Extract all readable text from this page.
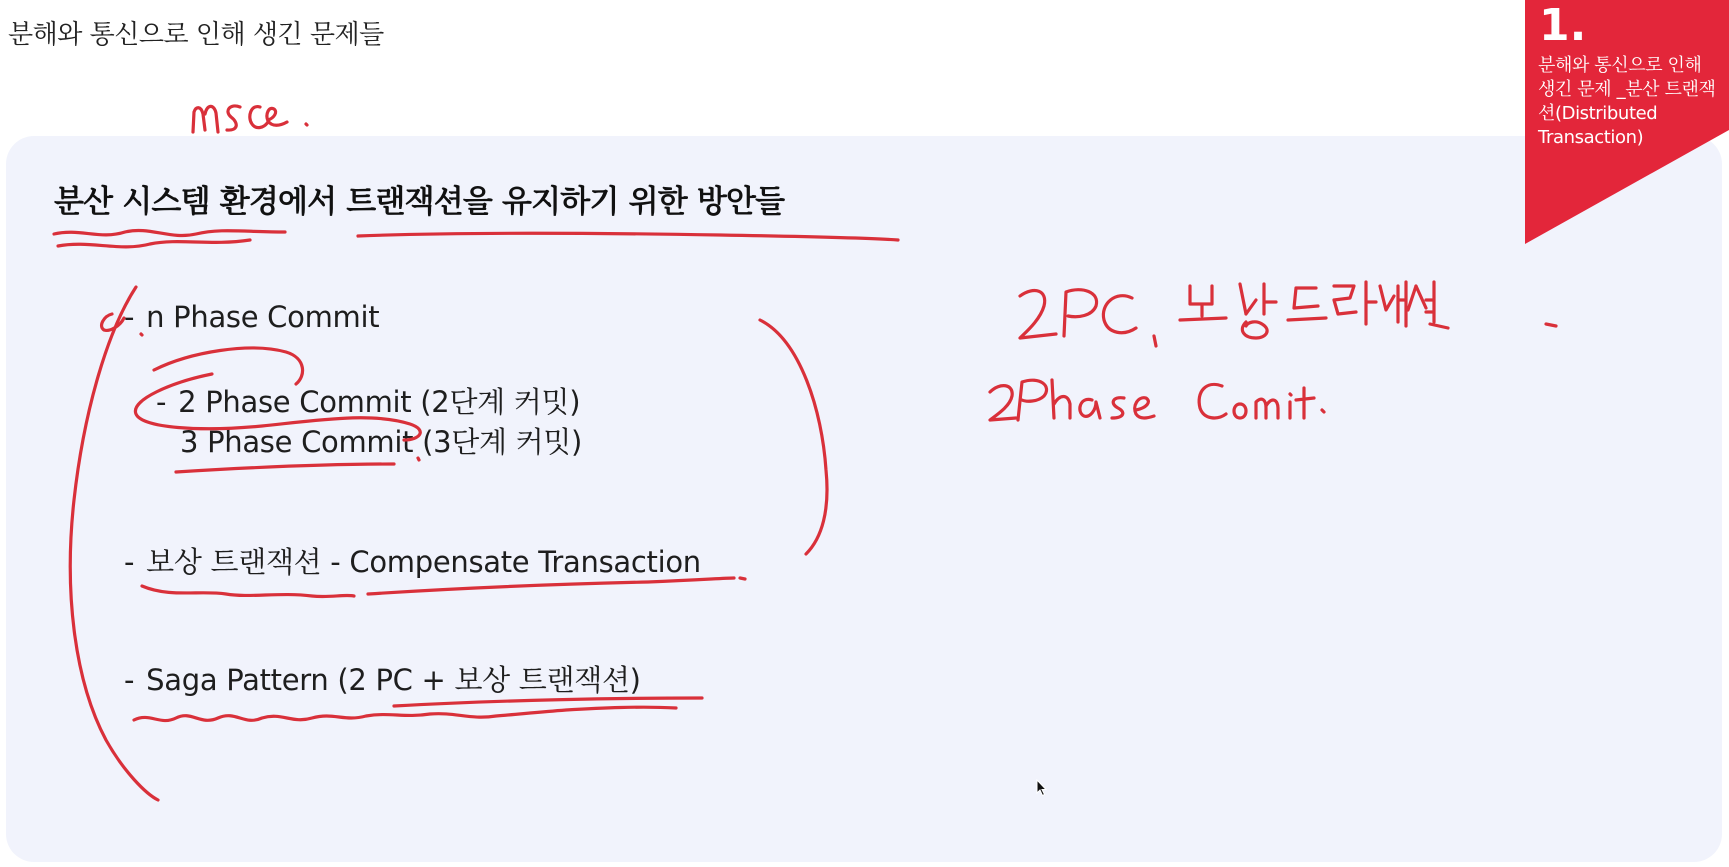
분해와 통신으로 인해 생긴 문제들
분산 시스템 환경에서 트랜잭션을 유지하기 위한 방안들
- n Phase Commit
- 2 Phase Commit (2단계 커밋)
3 Phase Commit (3단계 커밋)
- 보상 트랜잭션 - Compensate Transaction
- Saga Pattern (2 PC + 보상 트랜잭션)
1.
분해와 통신으로 인해 생긴 문제 _분산 트랜잭션(Distributed Transaction)
